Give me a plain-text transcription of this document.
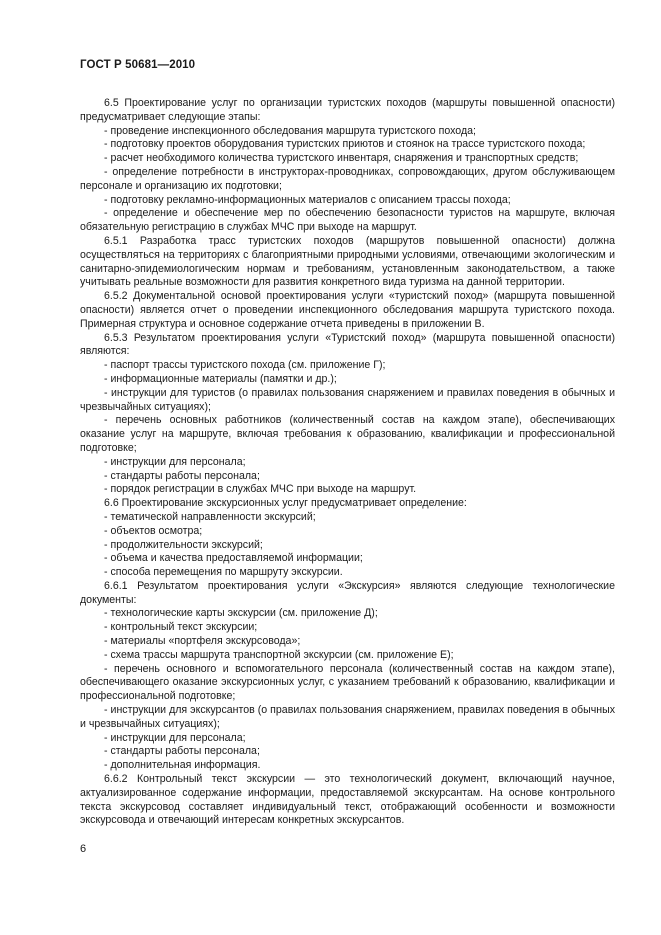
ГОСТ Р 50681—2010

6.5 Проектирование услуг по организации туристских походов (маршруты повышенной опасности) предусматривает следующие этапы:

- проведение инспекционного обследования маршрута туристского похода;

- подготовку проектов оборудования туристских приютов и стоянок на трассе туристского похода;

- расчет необходимого количества туристского инвентаря, снаряжения и транспортных средств;

- определение потребности в инструкторах-проводниках, сопровождающих, другом обслуживающем персонале и организацию их подготовки;

- подготовку рекламно-информационных материалов с описанием трассы похода;

- определение и обеспечение мер по обеспечению безопасности туристов на маршруте, включая обязательную регистрацию в службах МЧС при выходе на маршрут.

6.5.1 Разработка трасс туристских походов (маршрутов повышенной опасности) должна осуществляться на территориях с благоприятными природными условиями, отвечающими экологическим и санитарно-эпидемиологическим нормам и требованиям, установленным законодательством, а также учитывать реальные возможности для развития конкретного вида туризма на данной территории.

6.5.2 Документальной основой проектирования услуги «туристский поход» (маршрута повышенной опасности) является отчет о проведении инспекционного обследования маршрута туристского похода. Примерная структура и основное содержание отчета приведены в приложении В.

6.5.3 Результатом проектирования услуги «Туристский поход» (маршрута повышенной опасности) являются:

- паспорт трассы туристского похода (см. приложение Г);

- информационные материалы (памятки и др.);

- инструкции для туристов (о правилах пользования снаряжением и правилах поведения в обычных и чрезвычайных ситуациях);

- перечень основных работников (количественный состав на каждом этапе), обеспечивающих оказание услуг на маршруте, включая требования к образованию, квалификации и профессиональной подготовке;

- инструкции для персонала;

- стандарты работы персонала;

- порядок регистрации в службах МЧС при выходе на маршрут.

6.6 Проектирование экскурсионных услуг предусматривает определение:

- тематической направленности экскурсий;

- объектов осмотра;

- продолжительности экскурсий;

- объема и качества предоставляемой информации;

- способа перемещения по маршруту экскурсии.

6.6.1 Результатом проектирования услуги «Экскурсия» являются следующие технологические документы:

- технологические карты экскурсии (см. приложение Д);

- контрольный текст экскурсии;

- материалы «портфеля экскурсовода»;

- схема трассы маршрута транспортной экскурсии (см. приложение Е);

- перечень основного и вспомогательного персонала (количественный состав на каждом этапе), обеспечивающего оказание экскурсионных услуг, с указанием требований к образованию, квалификации и профессиональной подготовке;

- инструкции для экскурсантов (о правилах пользования снаряжением, правилах поведения в обычных и чрезвычайных ситуациях);

- инструкции для персонала;

- стандарты работы персонала;

- дополнительная информация.

6.6.2 Контрольный текст экскурсии — это технологический документ, включающий научное, актуализированное содержание информации, предоставляемой экскурсантам. На основе контрольного текста экскурсовод составляет индивидуальный текст, отображающий особенности и возможности экскурсовода и отвечающий интересам конкретных экскурсантов.

6
